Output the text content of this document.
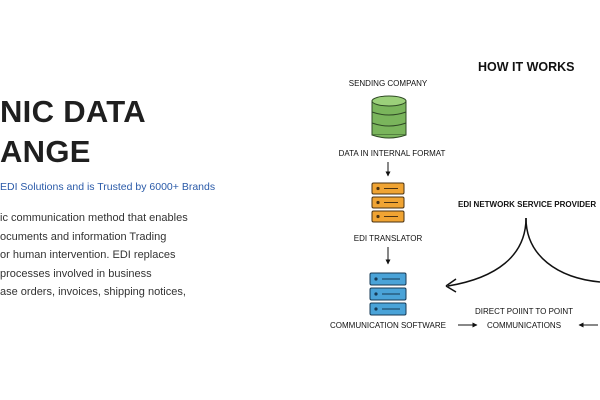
NIC DATA
ANGE
EDI Solutions and is Trusted by 6000+ Brands
ic communication method that enables
ocuments and information Trading
or human intervention. EDI replaces
processes involved in business
ase orders, invoices, shipping notices,
HOW IT WORKS
SENDING COMPANY
DATA IN INTERNAL FORMAT
EDI TRANSLATOR
COMMUNICATION SOFTWARE
DIRECT POIINT TO POINT
COMMUNICATIONS
EDI NETWORK SERVICE PROVIDER
